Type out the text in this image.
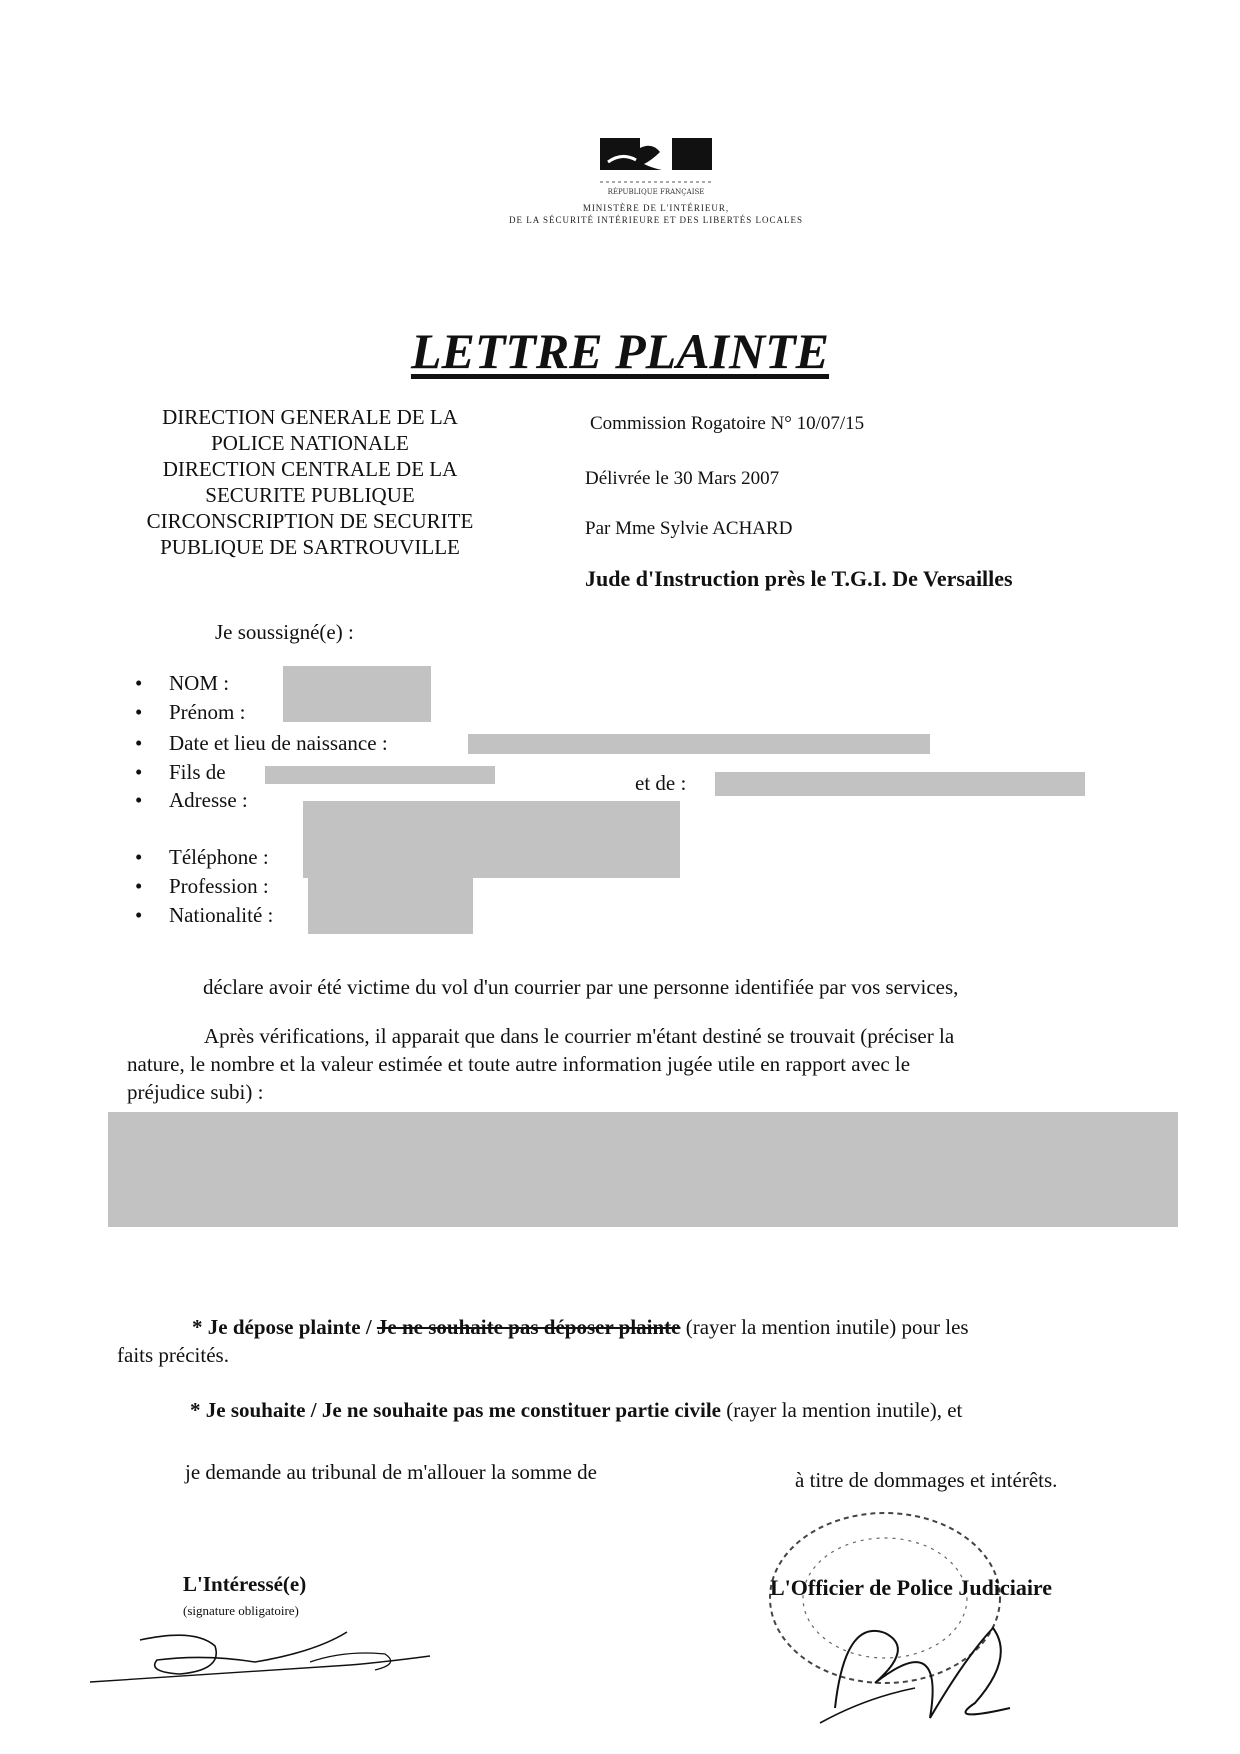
RÉPUBLIQUE FRANÇAISE
MINISTÈRE DE L'INTÉRIEUR,
DE LA SÉCURITÉ INTÉRIEURE ET DES LIBERTÉS LOCALES
LETTRE PLAINTE
DIRECTION GENERALE DE LA
POLICE NATIONALE
DIRECTION CENTRALE DE LA
SECURITE PUBLIQUE
CIRCONSCRIPTION DE SECURITE
PUBLIQUE DE SARTROUVILLE
Commission Rogatoire N° 10/07/15
Délivrée le 30 Mars 2007
Par Mme Sylvie ACHARD
Jude d'Instruction près le T.G.I. De Versailles
Je soussigné(e) :
• NOM :
• Prénom :
• Date et lieu de naissance :
• Fils de	et de :
• Adresse :
• Téléphone :
• Profession :
• Nationalité :
déclare avoir été victime du vol d'un courrier par une personne identifiée par vos services,
Après vérifications, il apparait que dans le courrier m'étant destiné se trouvait (préciser la
nature, le nombre et la valeur estimée et toute autre information jugée utile en rapport avec le
préjudice subi) :
* Je dépose plainte / Je ne souhaite pas déposer plainte (rayer la mention inutile) pour les
faits précités.
* Je souhaite / Je ne souhaite pas me constituer partie civile (rayer la mention inutile), et
je demande au tribunal de m'allouer la somme de	à titre de dommages et intérêts.
L'Intéressé(e)
(signature obligatoire)
L'Officier de Police Judiciaire
